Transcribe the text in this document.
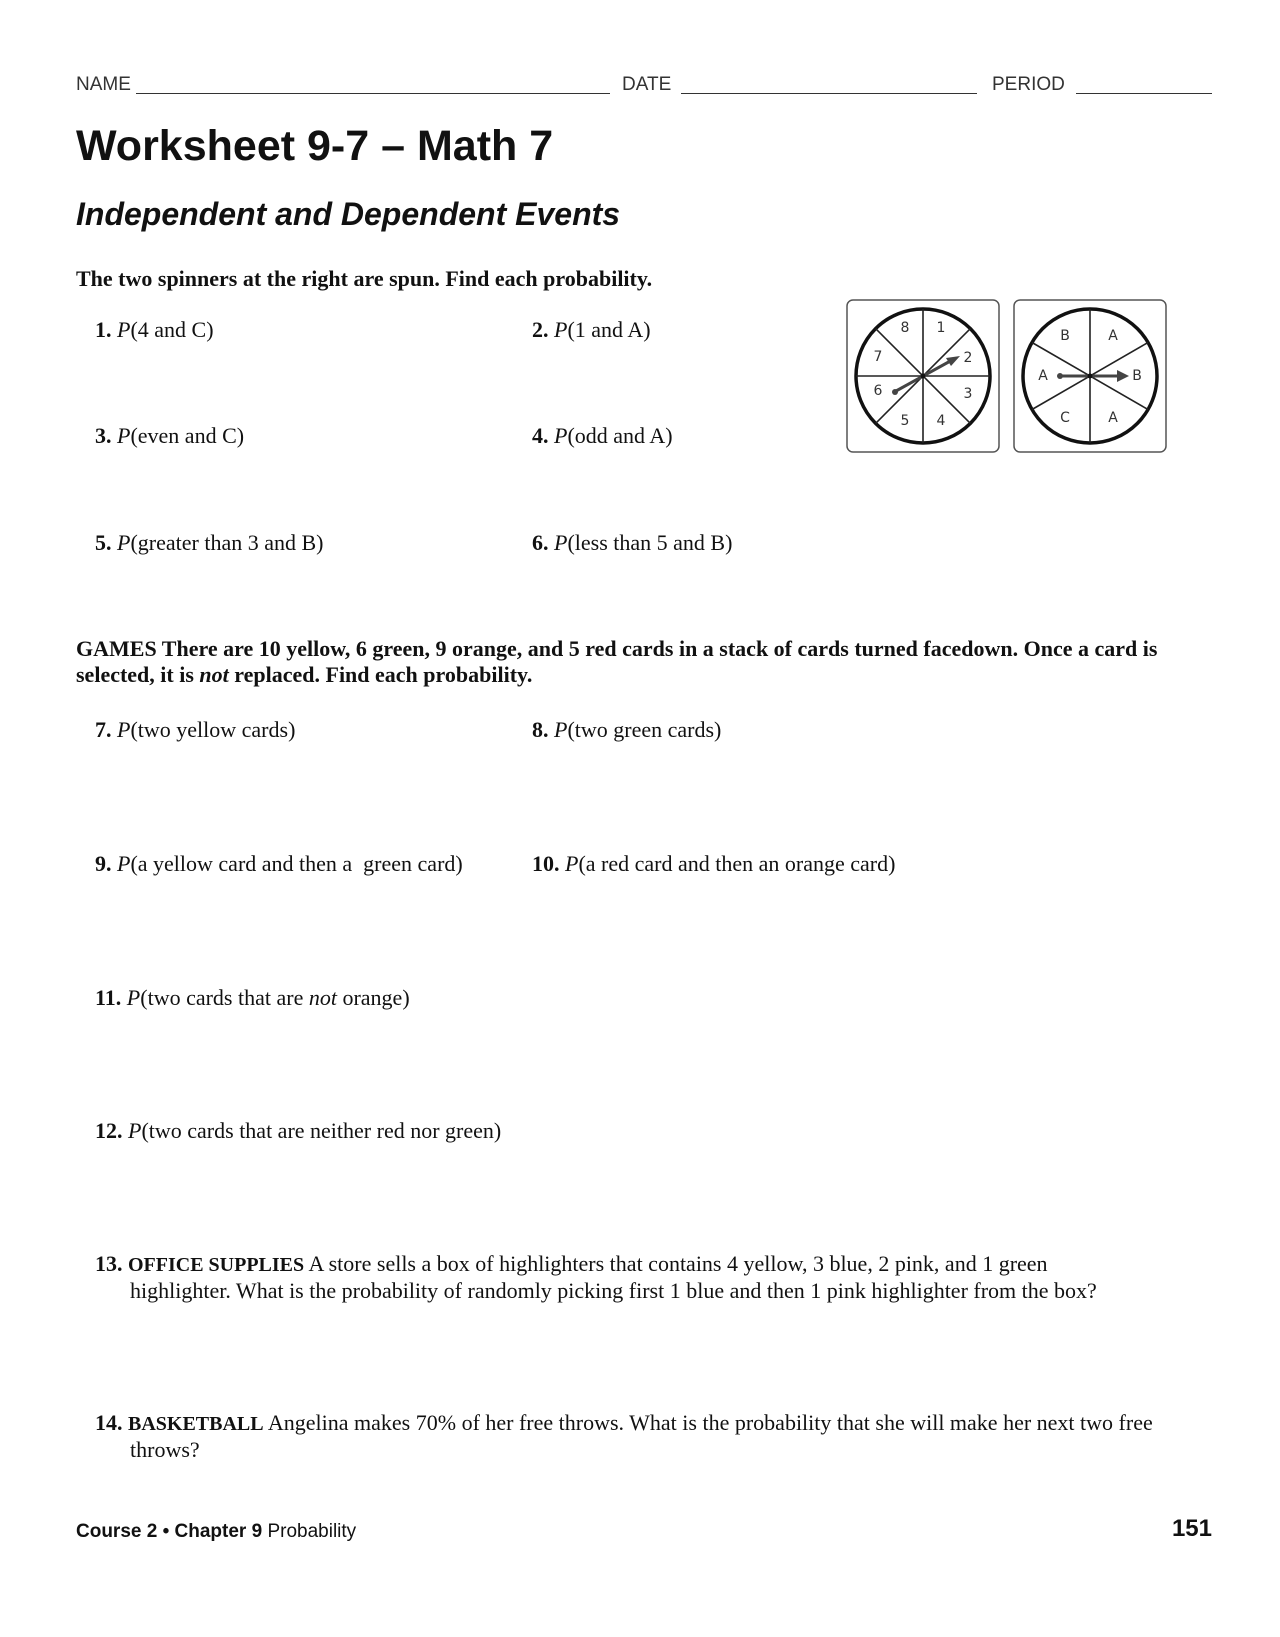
NAME	DATE	PERIOD
Worksheet 9-7 – Math 7
Independent and Dependent Events
The two spinners at the right are spun. Find each probability.
1. P(4 and C)	2. P(1 and A)
3. P(even and C)	4. P(odd and A)
5. P(greater than 3 and B)	6. P(less than 5 and B)
8 1
2
3
4
5
6
7
B	A
B
A
C
A
GAMES There are 10 yellow, 6 green, 9 orange, and 5 red cards in a stack of cards turned facedown. Once a card is selected, it is not replaced. Find each probability.
7. P(two yellow cards)	8. P(two green cards)
9. P(a yellow card and then a  green card)	10. P(a red card and then an orange card)
11. P(two cards that are not orange)
12. P(two cards that are neither red nor green)
13. OFFICE SUPPLIES A store sells a box of highlighters that contains 4 yellow, 3 blue, 2 pink, and 1 green
highlighter. What is the probability of randomly picking first 1 blue and then 1 pink highlighter from the box?
14. BASKETBALL Angelina makes 70% of her free throws. What is the probability that she will make her next two free
throws?
Course 2 • Chapter 9 Probability	151
